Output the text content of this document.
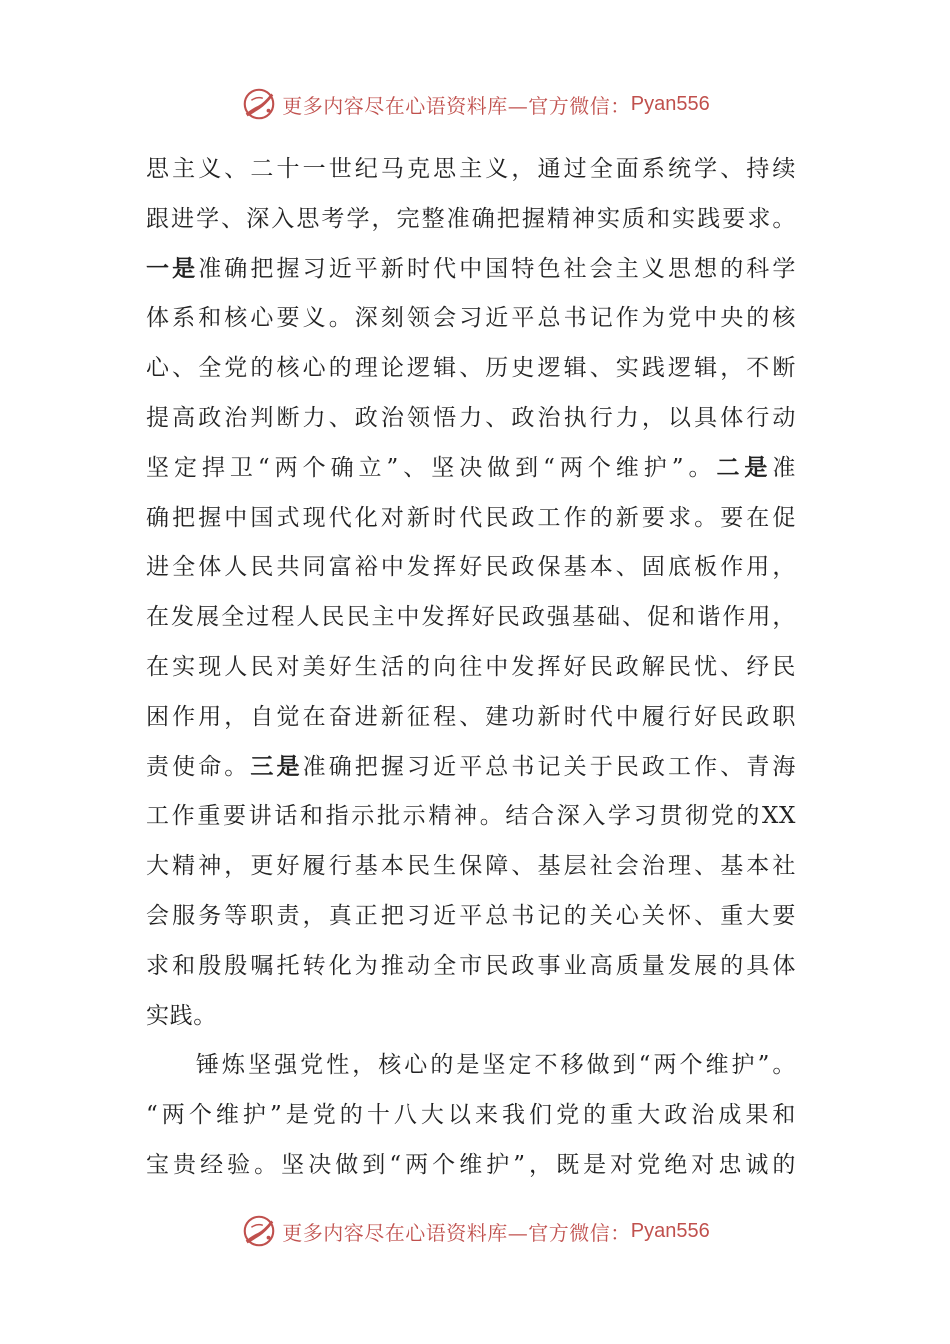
更多内容尽在心语资料库 —官方微信： Pyan556
思主义、二十一世纪马克思主义，通过全面系统学、持续
跟进学、深入思考学，完整准确把握精神实质和实践要求。
一是准确把握习近平新时代中国特色社会主义思想的科学
体系和核心要义。深刻领会习近平总书记作为党中央的核
心、全党的核心的理论逻辑、历史逻辑、实践逻辑，不断
提高政治判断力、政治领悟力、政治执行力，以具体行动
坚定捍卫“两个确立”、坚决做到“两个维护”。二是准
确把握中国式现代化对新时代民政工作的新要求。要在促
进全体人民共同富裕中发挥好民政保基本、固底板作用，
在发展全过程人民民主中发挥好民政强基础、促和谐作用，
在实现人民对美好生活的向往中发挥好民政解民忧、纾民
困作用，自觉在奋进新征程、建功新时代中履行好民政职
责使命。三是准确把握习近平总书记关于民政工作、青海
工作重要讲话和指示批示精神。结合深入学习贯彻党的XX
大精神，更好履行基本民生保障、基层社会治理、基本社
会服务等职责，真正把习近平总书记的关心关怀、重大要
求和殷殷嘱托转化为推动全市民政事业高质量发展的具体
实践。
锤炼坚强党性，核心的是坚定不移做到“两个维护”。
“两个维护”是党的十八大以来我们党的重大政治成果和
宝贵经验。坚决做到“两个维护”，既是对党绝对忠诚的
更多内容尽在心语资料库 —官方微信： Pyan556
